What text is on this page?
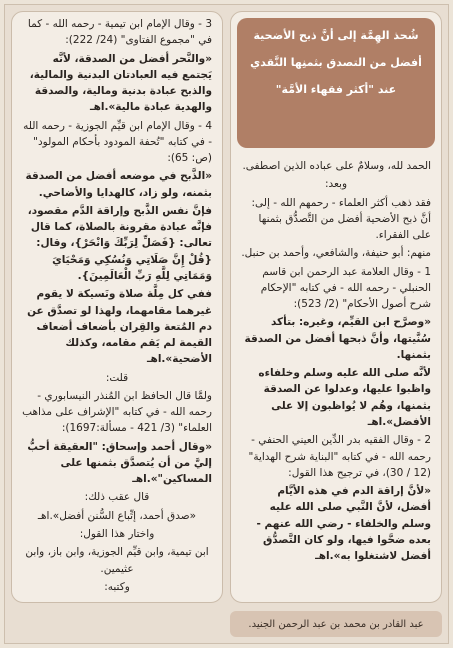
شُحذ الهِمَّة إلى أنَّ ذبح الأضحية

أفضل من التصدق بثمنِها النَّقدي

عند "أكثر فقهاء الأمَّة"

الحمد لله، وسلامٌ على عباده الذين اصطفى.

وبعد:

فقد ذهب أكثر العلماء - رحمهم الله - إلى: أنَّ ذبح الأضحية أفضل من التَّصدُّق بثمنها على الفقراء.

منهم: أبو حنيفة، والشافعي، وأحمد بن حنبل.

1 - وقال العلامة عبد الرحمن ابن قاسم الحنبلي - رحمه الله - في كتابه "الإحكام شرح أصول الأحكام" (2/ 523):

«وصرَّح ابن القيِّم، وغيره: بتأكد سُنَّيتها، وأنَّ ذبحها أفضل من الصدقة بثمنها.

لأنَّه صلى الله عليه وسلم وخلفاءه واظبوا عليها، وعدلوا عن الصدقة بثمنها، وهُم لا يُواظبون إلا على الأفضل».اهـ

2 - وقال الفقيه بدر الدِّين العيني الحنفي - رحمه الله - في كتابه "البناية شرح الهداية" (12 / 30)، في ترجيح هذا القول:

«لأنَّ إراقة الدم في هذه الأيَّام أفضل، لأنَّ النَّبي صلى الله عليه وسلم والخلفاء - رضي الله عنهم - بعده ضحَّوا فيها، ولو كان التَّصدُّق أفضل لاشتغلوا به».اهـ

3 - وقال الإمام ابن تيمية - رحمه الله - كما في "مجموع الفتاوى" (24/ 222):

«والنَّحر أفضل من الصدقة، لأنَّه يَجتمع فيه العبادتان البدنية والمالية، والذبح عبادة بدنية ومالية، والصدقة والهدية عبادة مالية».اهـ

4 - وقال الإمام ابن قيِّم الجوزية - رحمه الله - في كتابه "تُحفة المودود بأحكام المولود" (ص: 65):

«الذَّبح في موضعه أفضل من الصدقة بثمنه، ولو زاد، كالهدايا والأضاحي.

فإنَّ نفس الذَّبح وإراقة الدَّم مقصود، فإنَّه عبادة مقرونة بالصلاة، كما قال تعالى: {فَصَلِّ لِرَبِّكَ وَانْحَرْ}، وقال: {قُلْ إِنَّ صَلَاتِي وَنُسُكِي وَمَحْيَايَ وَمَمَاتِي لِلَّهِ رَبِّ الْعَالَمِينَ}.

ففي كل مِلَّة صلاة ونَسيكة لا يقوم غيرهما مقامهما، ولهذا لو تصدَّق عن دم المُتعة والقِران بأضعاف أضعاف القيمة لم يَقم مقامه، وكذلك الأضحية».اهـ

قلت:

ولمَّا قال الحافظ ابن المُنذر النيسابوري - رحمه الله - في كتابه "الإشراف على مذاهب العلماء" (3/ 421 - مسألة:1697):

«وقال أحمد وإسحاق: "العقيقة أحبُّ إليَّ من أن يُتصدَّق بثمنها على المساكين"».اهـ

قال عقب ذلك:

«صدق أحمد، إتِّباع السُّنن أفضل».اهـ

واختار هذا القول:

ابن تيمية، وابن قيِّم الجوزية، وابن باز، وابن عثيمين.

وكتبه:

عبد القادر بن محمد بن عبد الرحمن الجنيد.
